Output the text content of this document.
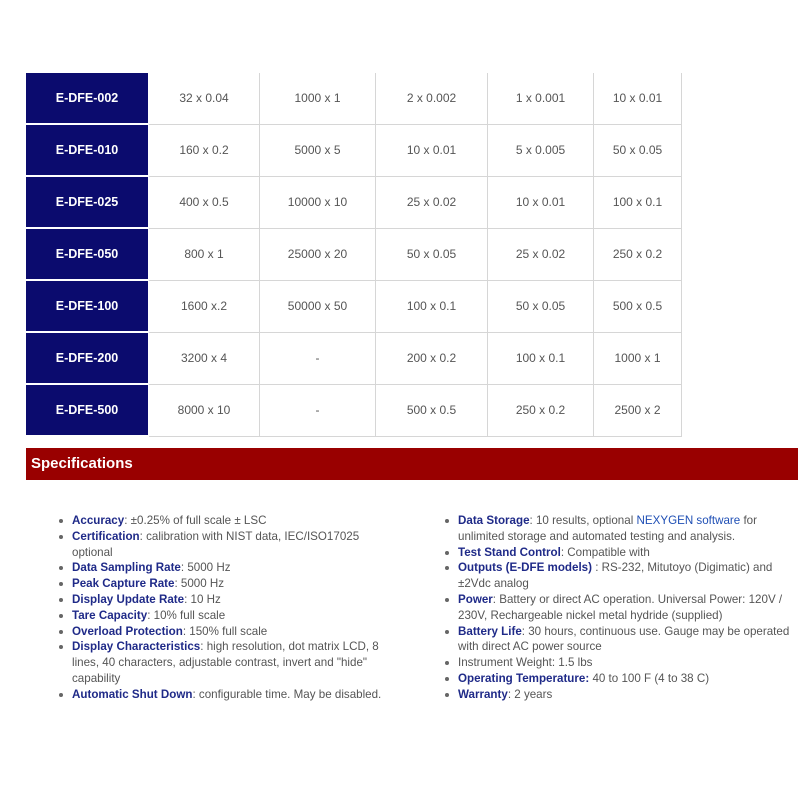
E-DFE-002	32 x 0.04	1000 x 1	2 x 0.002	1 x 0.001	10 x 0.01
E-DFE-010	160 x 0.2	5000 x 5	10 x 0.01	5 x 0.005	50 x 0.05
E-DFE-025	400 x 0.5	10000 x 10	25 x 0.02	10 x 0.01	100 x 0.1
E-DFE-050	800 x 1	25000 x 20	50 x 0.05	25 x 0.02	250 x 0.2
E-DFE-100	1600 x.2	50000 x 50	100 x 0.1	50 x 0.05	500 x 0.5
E-DFE-200	3200 x 4	-	200 x 0.2	100 x 0.1	1000 x 1
E-DFE-500	8000 x 10	-	500 x 0.5	250 x 0.2	2500 x 2
Specifications
Accuracy: ±0.25% of full scale ± LSC
Certification: calibration with NIST data, IEC/ISO17025 optional
Data Sampling Rate: 5000 Hz
Peak Capture Rate: 5000 Hz
Display Update Rate: 10 Hz
Tare Capacity: 10% full scale
Overload Protection: 150% full scale
Display Characteristics: high resolution, dot matrix LCD, 8 lines, 40 characters, adjustable contrast, invert and "hide" capability
Automatic Shut Down: configurable time. May be disabled.
Data Storage: 10 results, optional NEXYGEN software for unlimited storage and automated testing and analysis.
Test Stand Control: Compatible with
Outputs (E-DFE models) : RS-232, Mitutoyo (Digimatic) and ±2Vdc analog
Power: Battery or direct AC operation. Universal Power: 120V / 230V, Rechargeable nickel metal hydride (supplied)
Battery Life: 30 hours, continuous use. Gauge may be operated with direct AC power source
Instrument Weight: 1.5 lbs
Operating Temperature: 40 to 100 F (4 to 38 C)
Warranty: 2 years
